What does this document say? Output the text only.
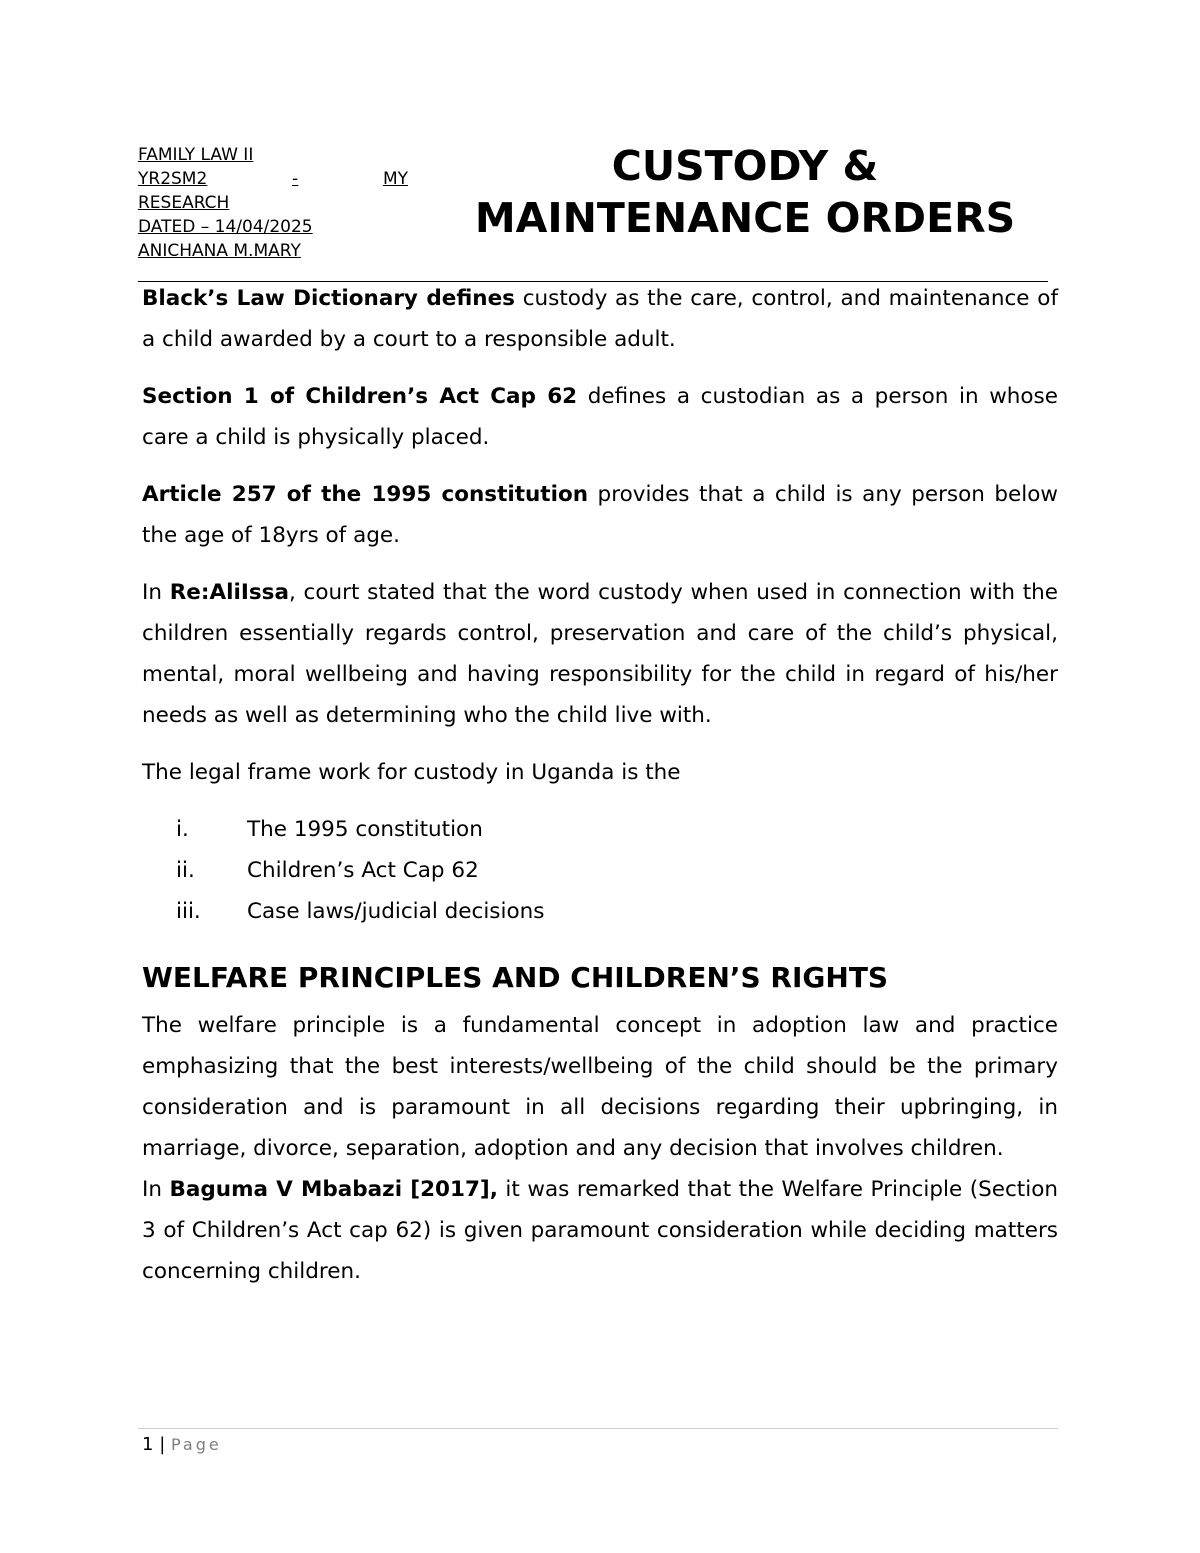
FAMILY LAW II
YR2SM2	-	MY
RESEARCH
DATED – 14/04/2025
ANICHANA M.MARY
CUSTODY &
MAINTENANCE ORDERS

Black’s Law Dictionary defines custody as the care, control, and maintenance of a child awarded by a court to a responsible adult.

Section 1 of Children’s Act Cap 62 defines a custodian as a person in whose care a child is physically placed.

Article 257 of the 1995 constitution provides that a child is any person below the age of 18yrs of age.

In Re:AliIssa, court stated that the word custody when used in connection with the children essentially regards control, preservation and care of the child’s physical, mental, moral wellbeing and having responsibility for the child in regard of his/her needs as well as determining who the child live with.

The legal frame work for custody in Uganda is the

i.	The 1995 constitution
ii.	Children’s Act Cap 62
iii.	Case laws/judicial decisions
WELFARE PRINCIPLES AND CHILDREN’S RIGHTS

The welfare principle is a fundamental concept in adoption law and practice emphasizing that the best interests/wellbeing of the child should be the primary consideration and is paramount in all decisions regarding their upbringing, in marriage, divorce, separation, adoption and any decision that involves children.

In Baguma V Mbabazi [2017], it was remarked that the Welfare Principle (Section 3 of Children’s Act cap 62) is given paramount consideration while deciding matters concerning children.

1 | Page
